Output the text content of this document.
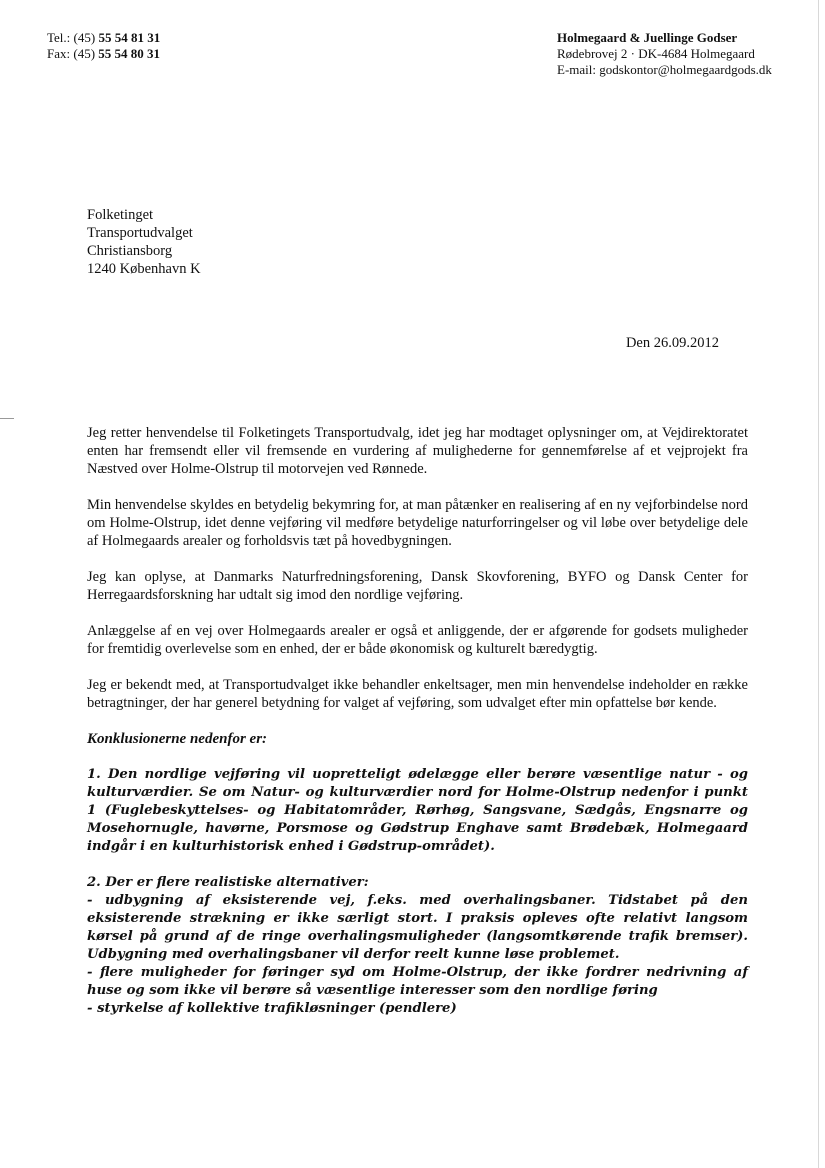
Tel.: (45) 55 54 81 31
Fax: (45) 55 54 80 31
Holmegaard & Juellinge Godser
Rødebrovej 2 · DK-4684 Holmegaard
E-mail: godskontor@holmegaardgods.dk
Folketinget
Transportudvalget
Christiansborg
1240 København K
Den 26.09.2012

Jeg retter henvendelse til Folketingets Transportudvalg, idet jeg har modtaget oplysninger om, at Vejdirektoratet enten har fremsendt eller vil fremsende en vurdering af mulighederne for gennemførelse af et vejprojekt fra Næstved over Holme-Olstrup til motorvejen ved Rønnede.

Min henvendelse skyldes en betydelig bekymring for, at man påtænker en realisering af en ny vejforbindelse nord om Holme-Olstrup, idet denne vejføring vil medføre betydelige naturforringelser og vil løbe over betydelige dele af Holmegaards arealer og forholdsvis tæt på hovedbygningen.

Jeg kan oplyse, at Danmarks Naturfredningsforening, Dansk Skovforening, BYFO og Dansk Center for Herregaardsforskning har udtalt sig imod den nordlige vejføring.

Anlæggelse af en vej over Holmegaards arealer er også et anliggende, der er afgørende for godsets muligheder for fremtidig overlevelse som en enhed, der er både økonomisk og kulturelt bæredygtig.

Jeg er bekendt med, at Transportudvalget ikke behandler enkeltsager, men min henvendelse indeholder en række betragtninger, der har generel betydning for valget af vejføring, som udvalget efter min opfattelse bør kende.

Konklusionerne nedenfor er:
1. Den nordlige vejføring vil uopretteligt ødelægge eller berøre væsentlige natur - og kulturværdier. Se om Natur- og kulturværdier nord for Holme-Olstrup nedenfor i punkt 1 (Fuglebeskyttelses- og Habitatområder, Rørhøg, Sangsvane, Sædgås, Engsnarre og Mosehornugle, havørne, Porsmose og Gødstrup Enghave samt Brødebæk, Holmegaard indgår i en kulturhistorisk enhed i Gødstrup-området).
2. Der er flere realistiske alternativer:
- udbygning af eksisterende vej, f.eks. med overhalingsbaner. Tidstabet på den eksisterende strækning er ikke særligt stort. I praksis opleves ofte relativt langsom kørsel på grund af de ringe overhalingsmuligheder (langsomtkørende trafik bremser). Udbygning med overhalingsbaner vil derfor reelt kunne løse problemet.
- flere muligheder for føringer syd om Holme-Olstrup, der ikke fordrer nedrivning af huse og som ikke vil berøre så væsentlige interesser som den nordlige føring
- styrkelse af kollektive trafikløsninger (pendlere)
